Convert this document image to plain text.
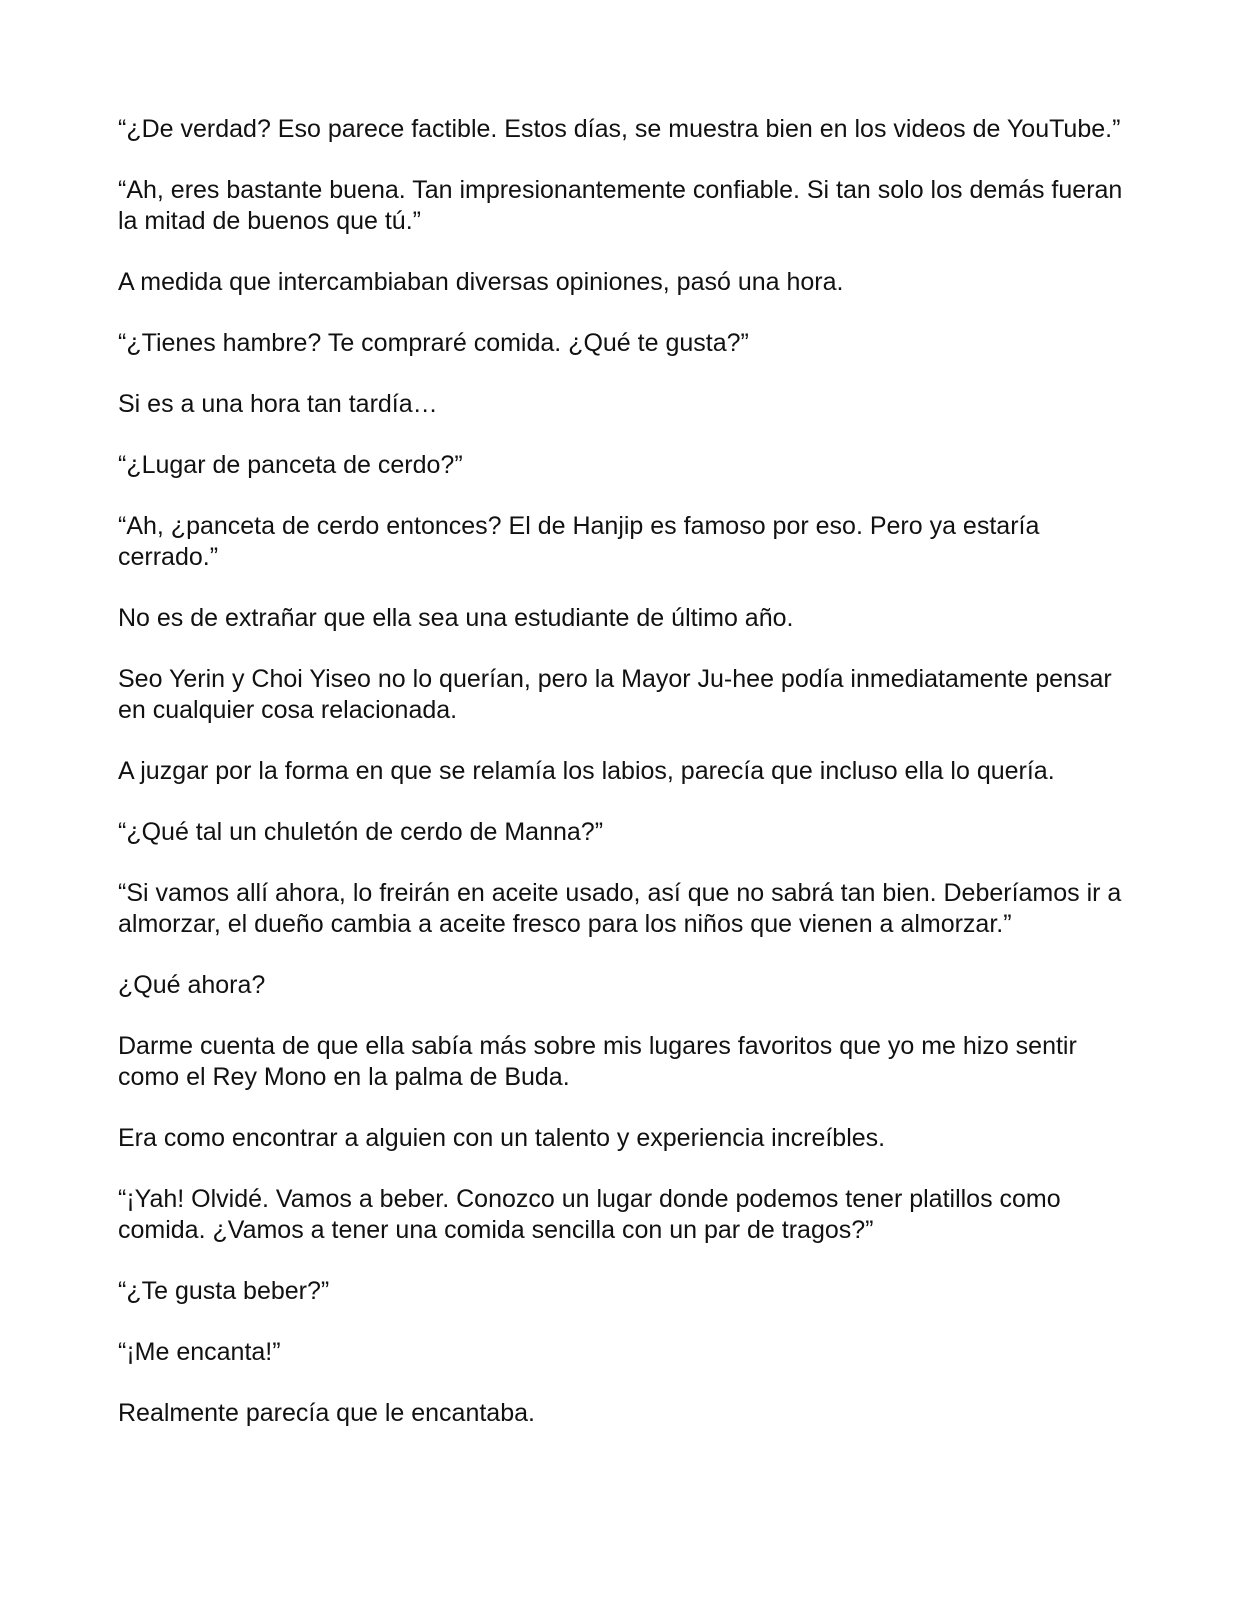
“¿De verdad? Eso parece factible. Estos días, se muestra bien en los videos de YouTube.”

“Ah, eres bastante buena. Tan impresionantemente confiable. Si tan solo los demás fueran la mitad de buenos que tú.”

A medida que intercambiaban diversas opiniones, pasó una hora.

“¿Tienes hambre? Te compraré comida. ¿Qué te gusta?”

Si es a una hora tan tardía…

“¿Lugar de panceta de cerdo?”

“Ah, ¿panceta de cerdo entonces? El de Hanjip es famoso por eso. Pero ya estaría cerrado.”

No es de extrañar que ella sea una estudiante de último año.

Seo Yerin y Choi Yiseo no lo querían, pero la Mayor Ju-hee podía inmediatamente pensar en cualquier cosa relacionada.

A juzgar por la forma en que se relamía los labios, parecía que incluso ella lo quería.

“¿Qué tal un chuletón de cerdo de Manna?”

“Si vamos allí ahora, lo freirán en aceite usado, así que no sabrá tan bien. Deberíamos ir a almorzar, el dueño cambia a aceite fresco para los niños que vienen a almorzar.”

¿Qué ahora?

Darme cuenta de que ella sabía más sobre mis lugares favoritos que yo me hizo sentir como el Rey Mono en la palma de Buda.

Era como encontrar a alguien con un talento y experiencia increíbles.

“¡Yah! Olvidé. Vamos a beber. Conozco un lugar donde podemos tener platillos como comida. ¿Vamos a tener una comida sencilla con un par de tragos?”

“¿Te gusta beber?”

“¡Me encanta!”

Realmente parecía que le encantaba.
